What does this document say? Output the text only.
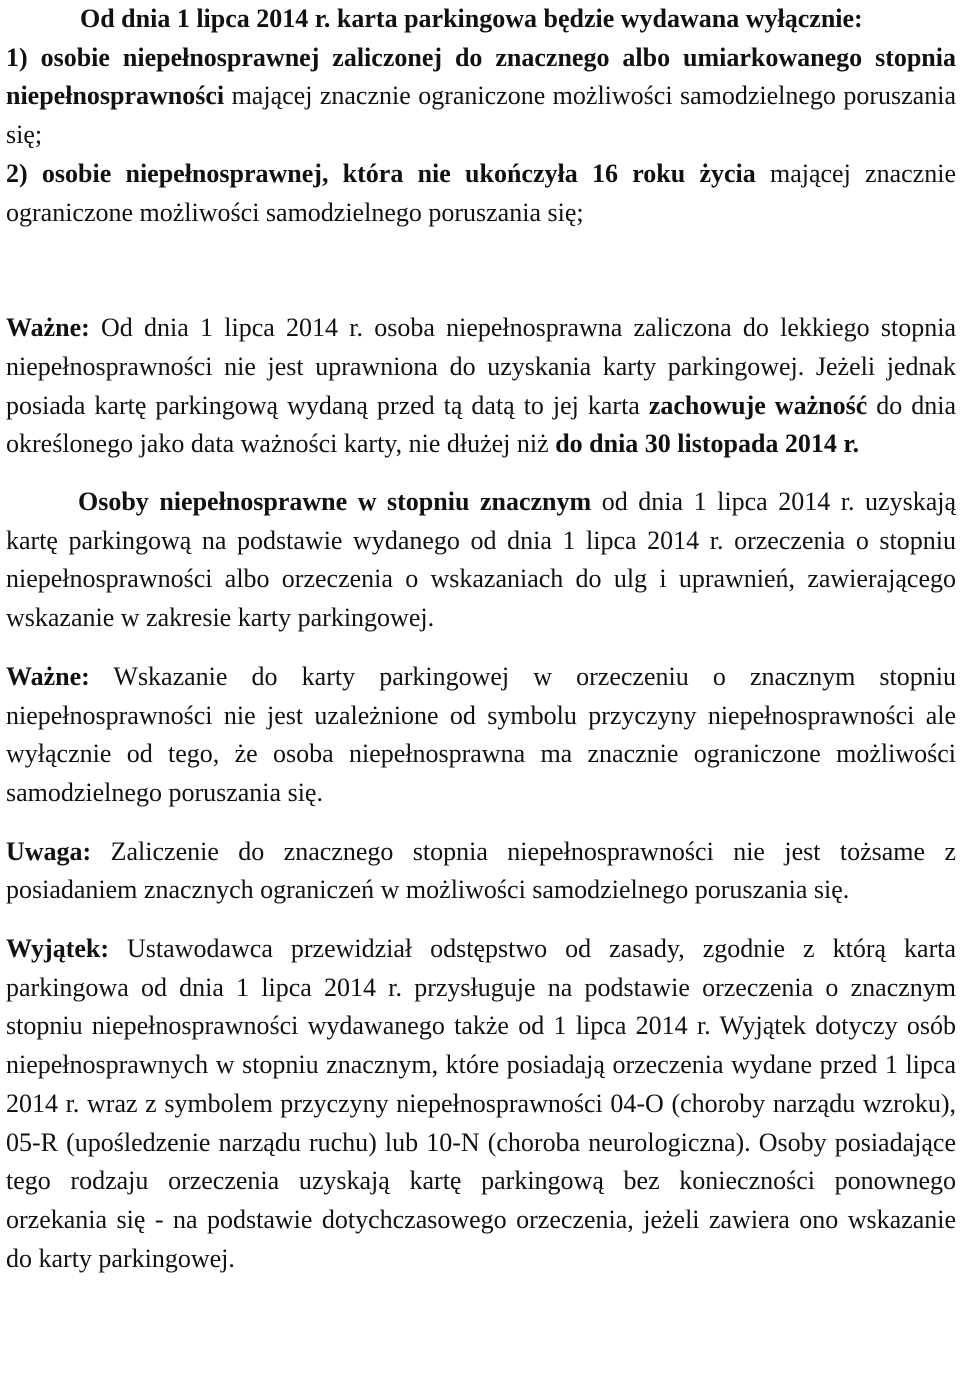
Od dnia 1 lipca 2014 r. karta parkingowa będzie wydawana wyłącznie:

1) osobie niepełnosprawnej zaliczonej do znacznego albo umiarkowanego stopnia niepełnosprawności mającej znacznie ograniczone możliwości samodzielnego poruszania się;

2) osobie niepełnosprawnej, która nie ukończyła 16 roku życia mającej znacznie ograniczone możliwości samodzielnego poruszania się;

Ważne: Od dnia 1 lipca 2014 r. osoba niepełnosprawna zaliczona do lekkiego stopnia niepełnosprawności nie jest uprawniona do uzyskania karty parkingowej. Jeżeli jednak posiada kartę parkingową wydaną przed tą datą to jej karta zachowuje ważność do dnia określonego jako data ważności karty, nie dłużej niż do dnia 30 listopada 2014 r.

Osoby niepełnosprawne w stopniu znacznym od dnia 1 lipca 2014 r. uzyskają kartę parkingową na podstawie wydanego od dnia 1 lipca 2014 r. orzeczenia o stopniu niepełnosprawności albo orzeczenia o wskazaniach do ulg i uprawnień, zawierającego wskazanie w zakresie karty parkingowej.

Ważne: Wskazanie do karty parkingowej w orzeczeniu o znacznym stopniu niepełnosprawności nie jest uzależnione od symbolu przyczyny niepełnosprawności ale wyłącznie od tego, że osoba niepełnosprawna ma znacznie ograniczone możliwości samodzielnego poruszania się.

Uwaga: Zaliczenie do znacznego stopnia niepełnosprawności nie jest tożsame z posiadaniem znacznych ograniczeń w możliwości samodzielnego poruszania się.

Wyjątek: Ustawodawca przewidział odstępstwo od zasady, zgodnie z którą karta parkingowa od dnia 1 lipca 2014 r. przysługuje na podstawie orzeczenia o znacznym stopniu niepełnosprawności wydawanego także od 1 lipca 2014 r. Wyjątek dotyczy osób niepełnosprawnych w stopniu znacznym, które posiadają orzeczenia wydane przed 1 lipca 2014 r. wraz z symbolem przyczyny niepełnosprawności 04-O (choroby narządu wzroku), 05-R (upośledzenie narządu ruchu) lub 10-N (choroba neurologiczna). Osoby posiadające tego rodzaju orzeczenia uzyskają kartę parkingową bez konieczności ponownego orzekania się - na podstawie dotychczasowego orzeczenia, jeżeli zawiera ono wskazanie do karty parkingowej.
